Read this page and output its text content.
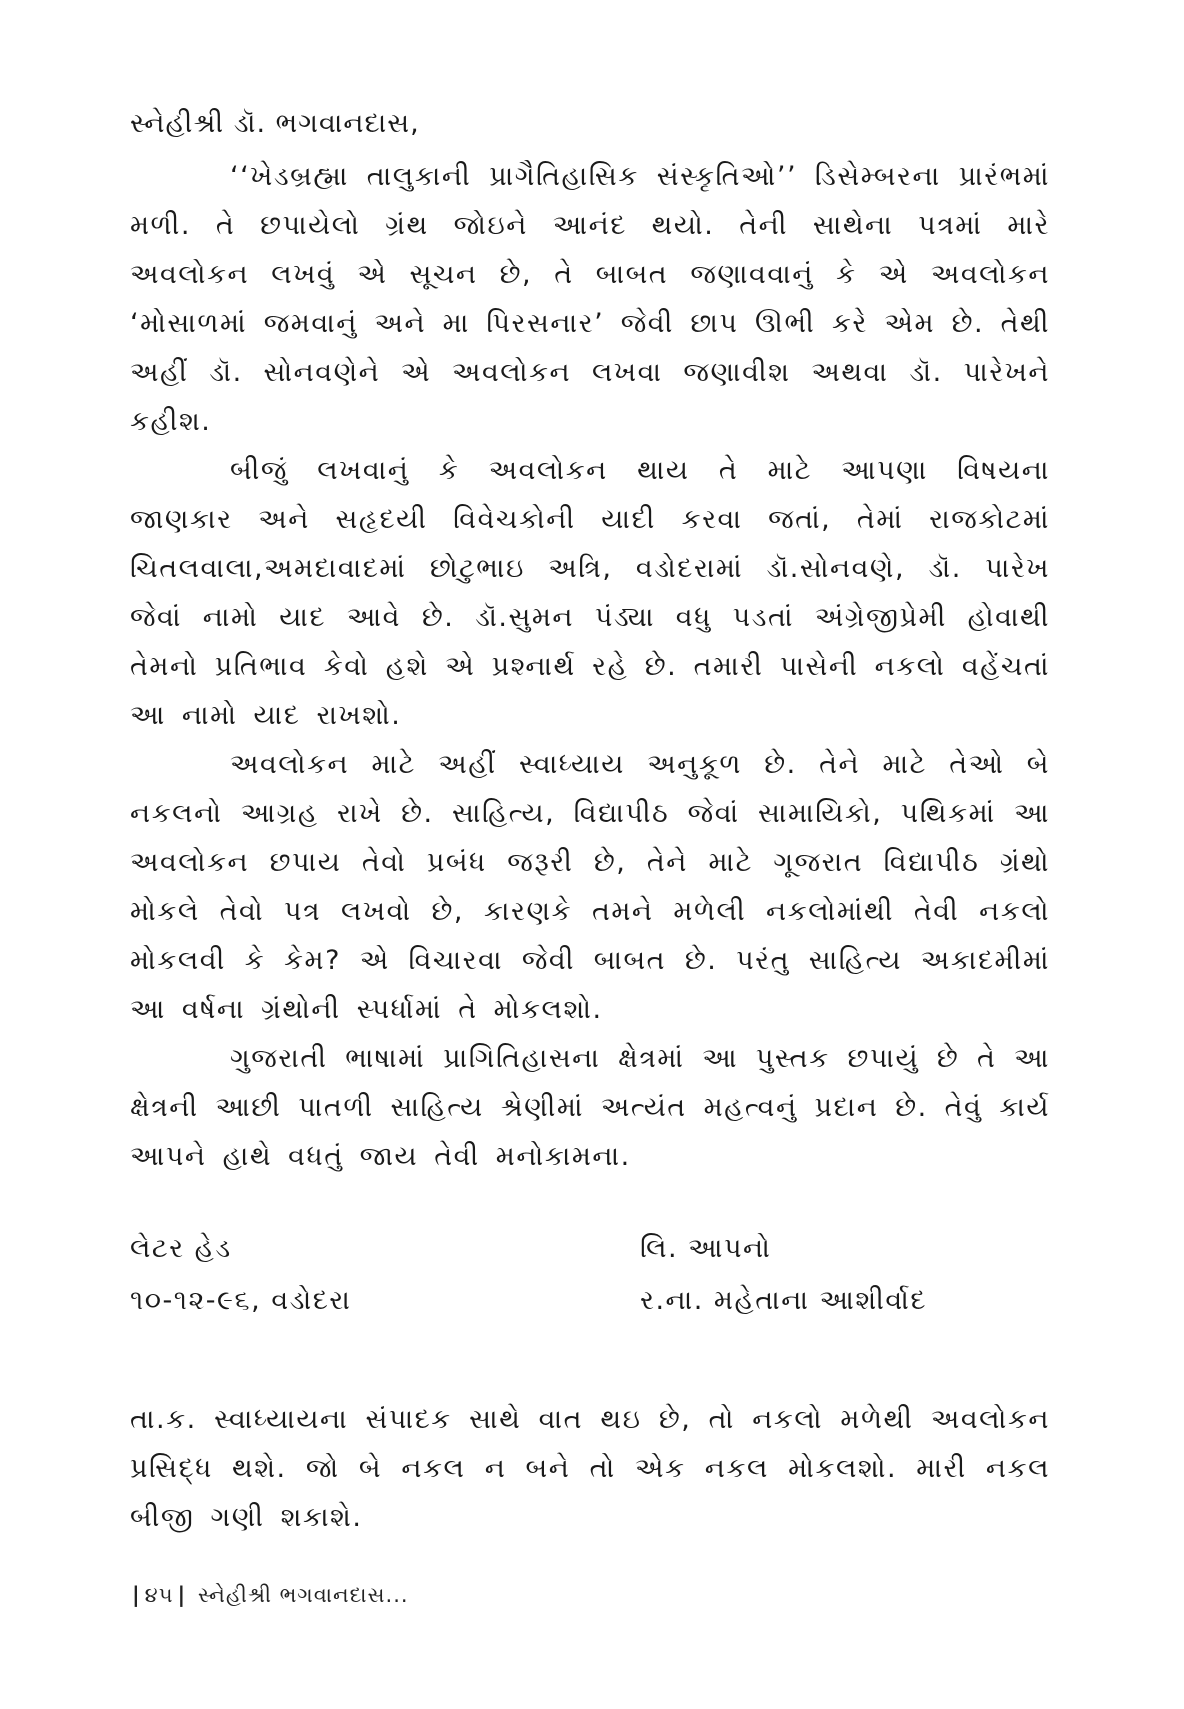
સ્નેહીશ્રી ડૉ. ભગવાનદાસ,

‘‘ખેડબ્રહ્મા તાલુકાની પ્રાગૈતિહાસિક સંસ્કૃતિઓ’’ ડિસેમ્બરના પ્રારંભમાં મળી. તે છપાયેલો ગ્રંથ જોઇને આનંદ થયો. તેની સાથેના પત્રમાં મારે અવલોકન લખવું એ સૂચન છે, તે બાબત જણાવવાનું કે એ અવલોકન ‘મોસાળમાં જમવાનું અને મા પિરસનાર’ જેવી છાપ ઊભી કરે એમ છે. તેથી અહીં ડૉ. સોનવણેને એ અવલોકન લખવા જણાવીશ અથવા ડૉ. પારેખને કહીશ.

બીજું લખવાનું કે અવલોકન થાય તે માટે આપણા વિષયના જાણકાર અને સહૃદયી વિવેચકોની યાદી કરવા જતાં, તેમાં રાજકોટમાં ચિતલવાલા,અમદાવાદમાં છોટુભાઇ અત્રિ, વડોદરામાં ડૉ.સોનવણે, ડૉ. પારેખ જેવાં નામો યાદ આવે છે. ડૉ.સુમન પંડ્યા વધુ પડતાં અંગ્રેજીપ્રેમી હોવાથી તેમનો પ્રતિભાવ કેવો હશે એ પ્રશ્નાર્થ રહે છે. તમારી પાસેની નકલો વહેંચતાં આ નામો યાદ રાખશો.

અવલોકન માટે અહીં સ્વાધ્યાય અનુકૂળ છે. તેને માટે તેઓ બે નકલનો આગ્રહ રાખે છે. સાહિત્ય, વિદ્યાપીઠ જેવાં સામાયિકો, પથિકમાં આ અવલોકન છપાય તેવો પ્રબંધ જરૂરી છે, તેને માટે ગૂજરાત વિદ્યાપીઠ ગ્રંથો મોકલે તેવો પત્ર લખવો છે, કારણકે તમને મળેલી નકલોમાંથી તેવી નકલો મોકલવી કે કેમ? એ વિચારવા જેવી બાબત છે. પરંતુ સાહિત્ય અકાદમીમાં આ વર્ષના ગ્રંથોની સ્પર્ધામાં તે મોકલશો.

ગુજરાતી ભાષામાં પ્રાગિતિહાસના ક્ષેત્રમાં આ પુસ્તક છપાયું છે તે આ ક્ષેત્રની આછી પાતળી સાહિત્ય શ્રેણીમાં અત્યંત મહત્વનું પ્રદાન છે. તેવું કાર્ય આપને હાથે વધતું જાય તેવી મનોકામના.

લેટર હેડ	લિ. આપનો
૧૦-૧૨-૯૬, વડોદરા	ર.ના. મહેતાના આશીર્વાદ

તા.ક. સ્વાધ્યાયના સંપાદક સાથે વાત થઇ છે, તો નકલો મળેથી અવલોકન પ્રસિદ્ધ થશે. જો બે નકલ ન બને તો એક નકલ મોકલશો. મારી નકલ બીજી ગણી શકાશે.

| ૪૫ | સ્નેહીશ્રી ભગવાનદાસ...
